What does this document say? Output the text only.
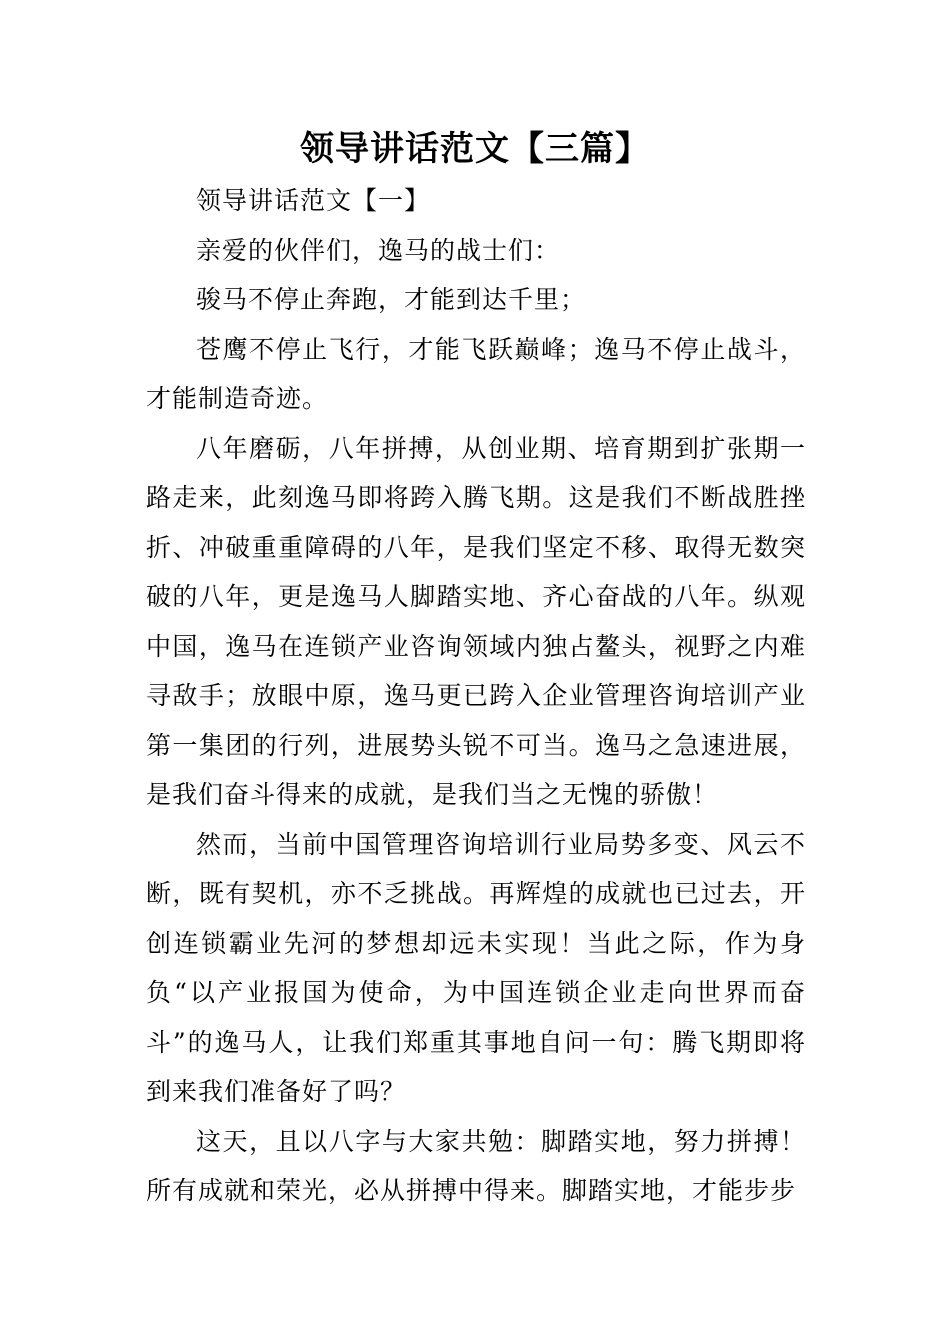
领导讲话范文【三篇】

领导讲话范文【一】

亲爱的伙伴们，逸马的战士们：

骏马不停止奔跑，才能到达千里；

苍鹰不停止飞行，才能飞跃巅峰；逸马不停止战斗，才能制造奇迹。

八年磨砺，八年拼搏，从创业期、培育期到扩张期一路走来，此刻逸马即将跨入腾飞期。这是我们不断战胜挫折、冲破重重障碍的八年，是我们坚定不移、取得无数突破的八年，更是逸马人脚踏实地、齐心奋战的八年。纵观中国，逸马在连锁产业咨询领域内独占鳌头，视野之内难寻敌手；放眼中原，逸马更已跨入企业管理咨询培训产业第一集团的行列，进展势头锐不可当。逸马之急速进展，是我们奋斗得来的成就，是我们当之无愧的骄傲！

然而，当前中国管理咨询培训行业局势多变、风云不断，既有契机，亦不乏挑战。再辉煌的成就也已过去，开创连锁霸业先河的梦想却远未实现！当此之际，作为身负“以产业报国为使命，为中国连锁企业走向世界而奋斗”的逸马人，让我们郑重其事地自问一句：腾飞期即将到来我们准备好了吗？

这天，且以八字与大家共勉：脚踏实地，努力拼搏！所有成就和荣光，必从拼搏中得来。脚踏实地，才能步步
